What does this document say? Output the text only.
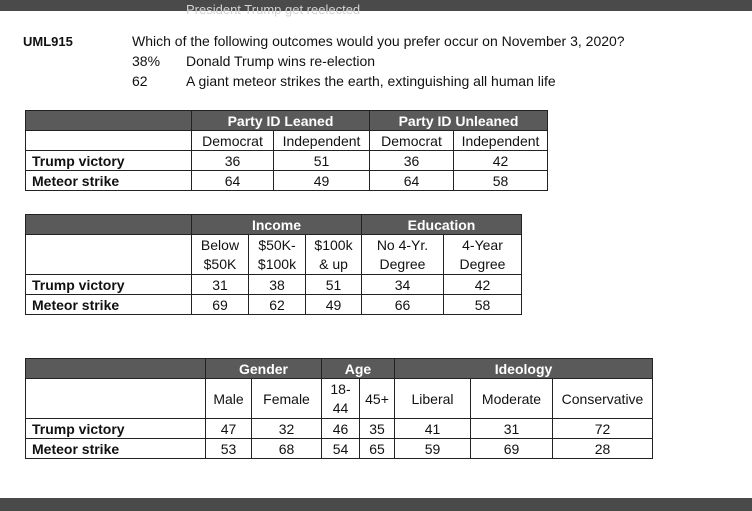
President Trump get reelected
UML915	Which of the following outcomes would you prefer occur on November 3, 2020?
38% Donald Trump wins re-election
62	A giant meteor strikes the earth, extinguishing all human life
	Party ID Leaned		Party ID Unleaned	
	Democrat	Independent	Democrat	Independent
Trump victory	36	51	36	42
Meteor strike	64	49	64	58
	Income			Education	
	Below	$50K-	$100k	No 4-Yr.	4-Year
	$50K	$100k	& up	Degree	Degree
Trump victory	31	38	51	34	42
Meteor strike	69	62	49	66	58
	Gender		Age		Ideology		
	Male	Female	18-	45+	Liberal	Moderate	Conservative
			44				
Trump victory	47	32	46	35	41	31	72
Meteor strike	53	68	54	65	59	69	28
